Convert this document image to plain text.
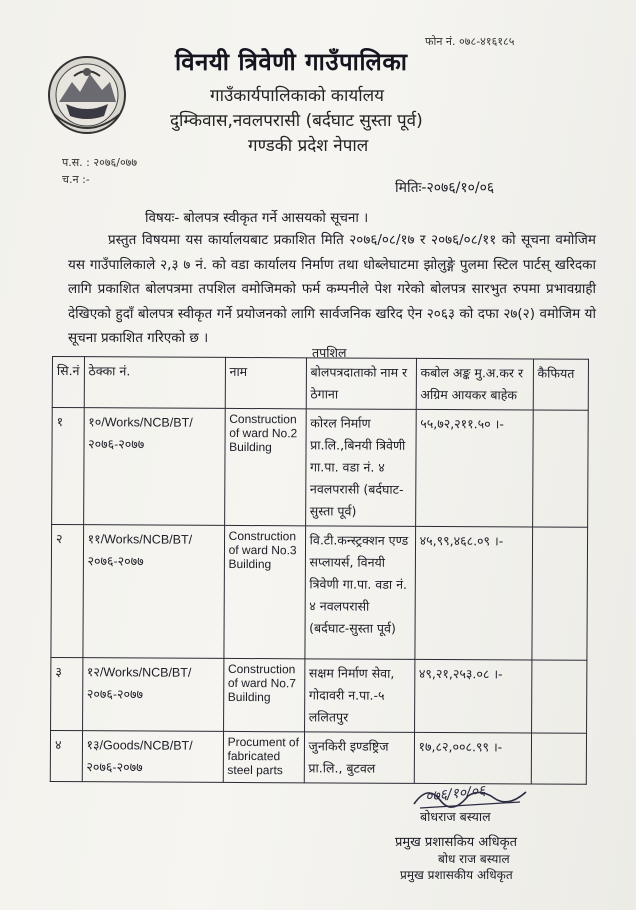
फोन नं. ०७८-४१६१८५
विनयी त्रिवेणी गाउँपालिका
गाउँकार्यपालिकाको कार्यालय
दुम्किवास,नवलपरासी (बर्दघाट सुस्ता पूर्व)
गण्डकी प्रदेश नेपाल
प.स. : २०७६/०७७
च.न :-
मितिः-२०७६/१०/०६
विषयः- बोलपत्र स्वीकृत गर्ने आसयको सूचना ।
प्रस्तुत विषयमा यस कार्यालयबाट प्रकाशित मिति २०७६/०८/१७ र २०७६/०८/११ को सूचना वमोजिम यस गाउँपालिकाले २,३ ७ नं. को वडा कार्यालय निर्माण तथा धोब्लेघाटमा झोलुङ्गे पुलमा स्टिल पार्टस् खरिदका लागि प्रकाशित बोलपत्रमा तपशिल वमोजिमको फर्म कम्पनीले पेश गरेको बोलपत्र सारभुत रुपमा प्रभावग्राही देखिएको हुदाँ बोलपत्र स्वीकृत गर्ने प्रयोजनको लागि सार्वजनिक खरिद ऐन २०६३ को दफा २७(२) वमोजिम यो सूचना प्रकाशित गरिएको छ ।
तपशिल
सि.नं	ठेक्का नं.	नाम	बोलपत्रदाताको नाम र ठेगाना	कबोल अङ्क मु.अ.कर र अग्रिम आयकर बाहेक	कैफियत
१	१०/Works/NCB/BT/ २०७६-२०७७	Construction of ward No.2 Building	कोरल निर्माण प्रा.लि.,बिनयी त्रिवेणी गा.पा. वडा नं. ४ नवलपरासी (बर्दघाट-सुस्ता पूर्व)	५५,७२,२११.५० ।-	
२	११/Works/NCB/BT/ २०७६-२०७७	Construction of ward No.3 Building	वि.टी.कन्स्ट्रक्शन एण्ड सप्लायर्स, विनयी त्रिवेणी गा.पा. वडा नं. ४ नवलपरासी (बर्दघाट-सुस्ता पूर्व)	४५,९९,४६८.०९ ।-	
३	१२/Works/NCB/BT/ २०७६-२०७७	Construction of ward No.7 Building	सक्षम निर्माण सेवा, गोदावरी न.पा.-५ ललितपुर	४९,२१,२५३.०८ ।-	
४	१३/Goods/NCB/BT/ २०७६-२०७७	Procument of fabricated steel parts	जुनकिरी इण्डष्ट्रिज प्रा.लि., बुटवल	१७,८२,००८.९९ ।-	
०७६/१०/०६
बोधराज बस्याल
प्रमुख प्रशासकिय अधिकृत
बोध राज बस्याल
प्रमुख प्रशासकीय अधिकृत
